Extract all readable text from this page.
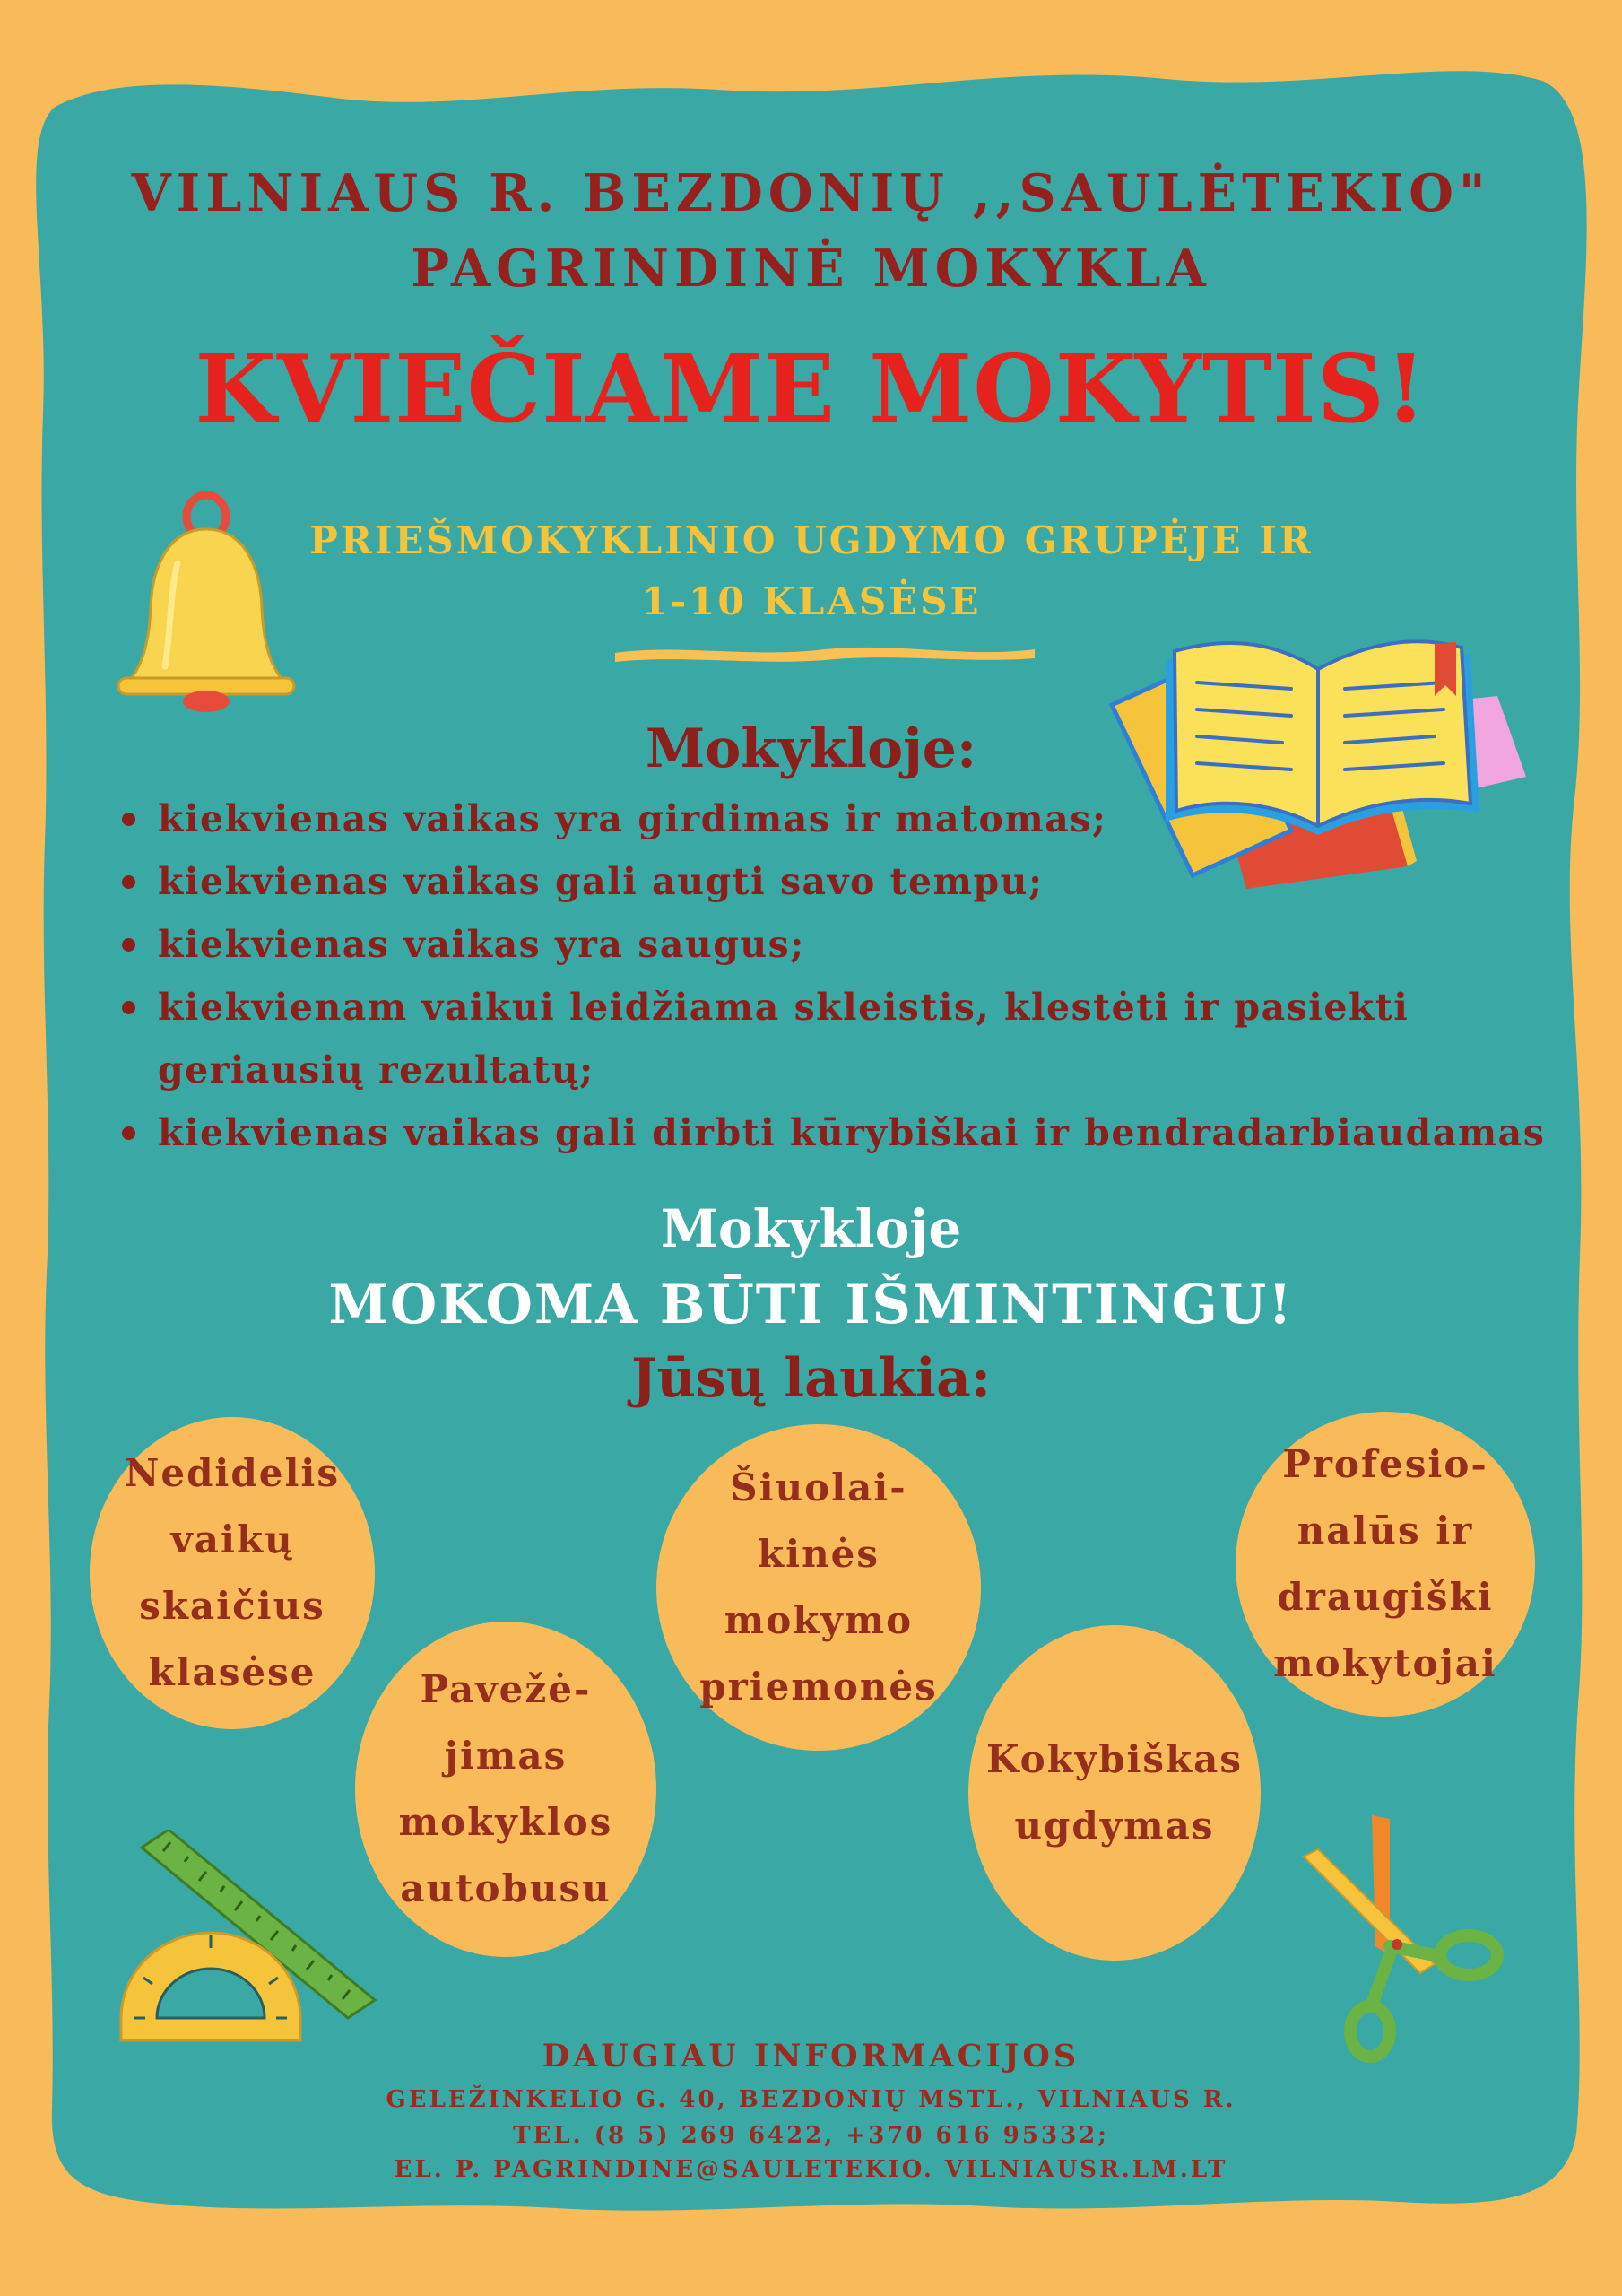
VILNIAUS R. BEZDONIŲ ,,SAULĖTEKIO"
PAGRINDINĖ MOKYKLA
KVIEČIAME MOKYTIS!
PRIEŠMOKYKLINIO UGDYMO GRUPĖJE IR
1-10 KLASĖSE
Mokykloje:
kiekvienas vaikas yra girdimas ir matomas;
kiekvienas vaikas gali augti savo tempu;
kiekvienas vaikas yra saugus;
kiekvienam vaikui leidžiama skleistis, klestėti ir pasiekti geriausių rezultatų;
kiekvienas vaikas gali dirbti kūrybiškai ir bendradarbiaudamas
Mokykloje
MOKOMA BŪTI IŠMINTINGU!
Jūsų laukia:
Nedidelis
vaikų
skaičius
klasėse	Pavežė-
jimas
mokyklos
autobusu
Šiuolai-
kinės
mokymo
priemonės
Kokybiškas
ugdymas
Profesio-
nalūs ir
draugiški
mokytojai
DAUGIAU INFORMACIJOS
GELEŽINKELIO G. 40, BEZDONIŲ MSTL., VILNIAUS R.
TEL. (8 5) 269 6422, +370 616 95332;
EL. P. PAGRINDINE@SAULETEKIO. VILNIAUSR.LM.LT
